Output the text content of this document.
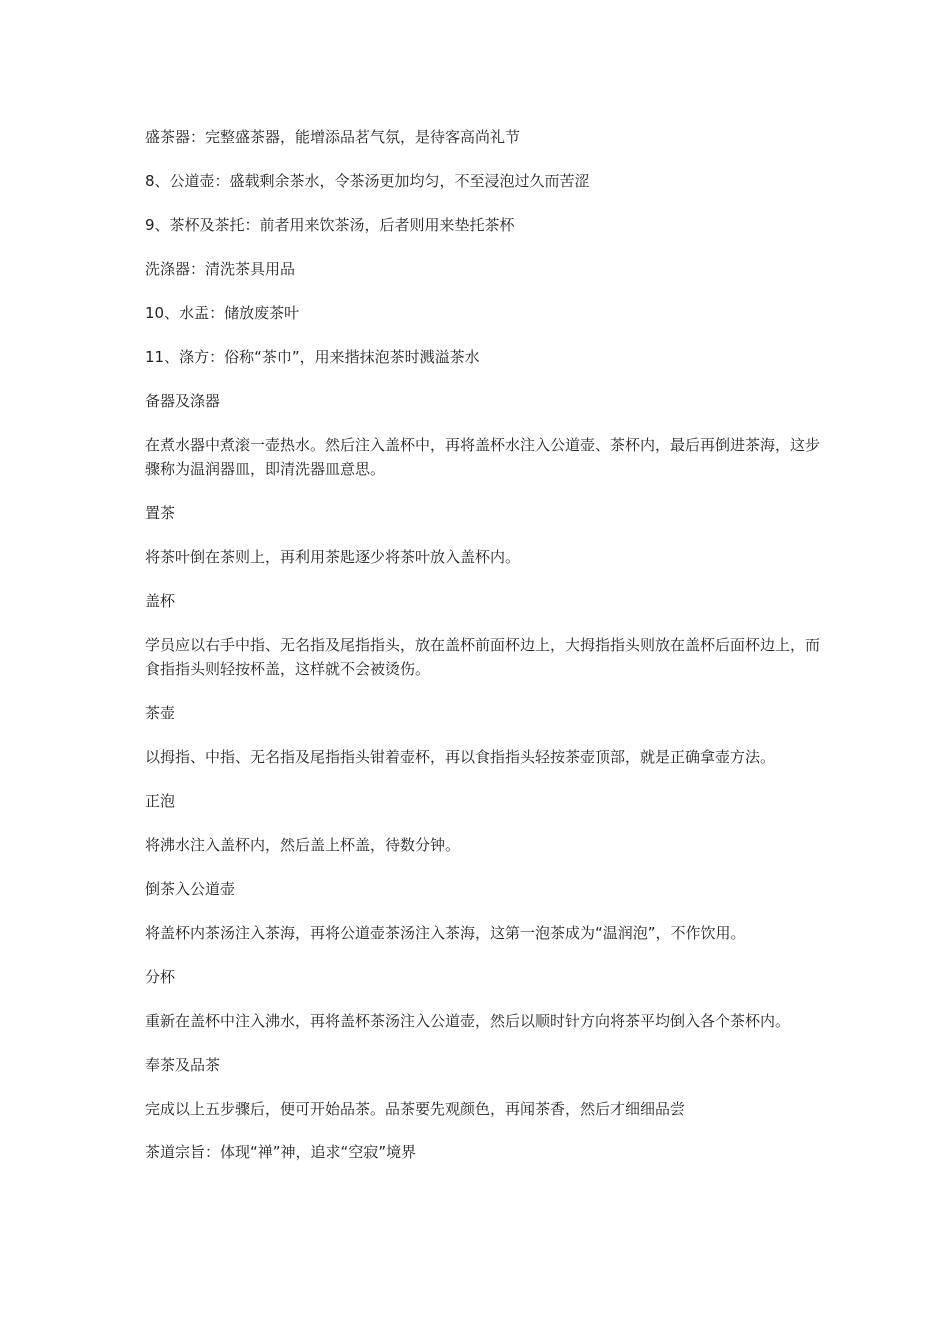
盛茶器：完整盛茶器，能增添品茗气氛，是待客高尚礼节

8、公道壶：盛载剩余茶水，令茶汤更加均匀，不至浸泡过久而苦涩

9、茶杯及茶托：前者用来饮茶汤，后者则用来垫托茶杯

洗涤器：清洗茶具用品

10、水盂：储放废茶叶

11、涤方：俗称“茶巾”，用来揩抹泡茶时溅溢茶水

备器及涤器

在煮水器中煮滚一壶热水。然后注入盖杯中，再将盖杯水注入公道壶、茶杯内，最后再倒进茶海，这步骤称为温润器皿，即清洗器皿意思。

置茶

将茶叶倒在茶则上，再利用茶匙逐少将茶叶放入盖杯内。

盖杯

学员应以右手中指、无名指及尾指指头，放在盖杯前面杯边上，大拇指指头则放在盖杯后面杯边上，而食指指头则轻按杯盖，这样就不会被烫伤。

茶壶

以拇指、中指、无名指及尾指指头钳着壶杯，再以食指指头轻按茶壶顶部，就是正确拿壶方法。

正泡

将沸水注入盖杯内，然后盖上杯盖，待数分钟。

倒茶入公道壶

将盖杯内茶汤注入茶海，再将公道壶茶汤注入茶海，这第一泡茶成为“温润泡”，不作饮用。

分杯

重新在盖杯中注入沸水，再将盖杯茶汤注入公道壶，然后以顺时针方向将茶平均倒入各个茶杯内。

奉茶及品茶

完成以上五步骤后，便可开始品茶。品茶要先观颜色，再闻茶香，然后才细细品尝

茶道宗旨：体现“禅”神，追求“空寂”境界
